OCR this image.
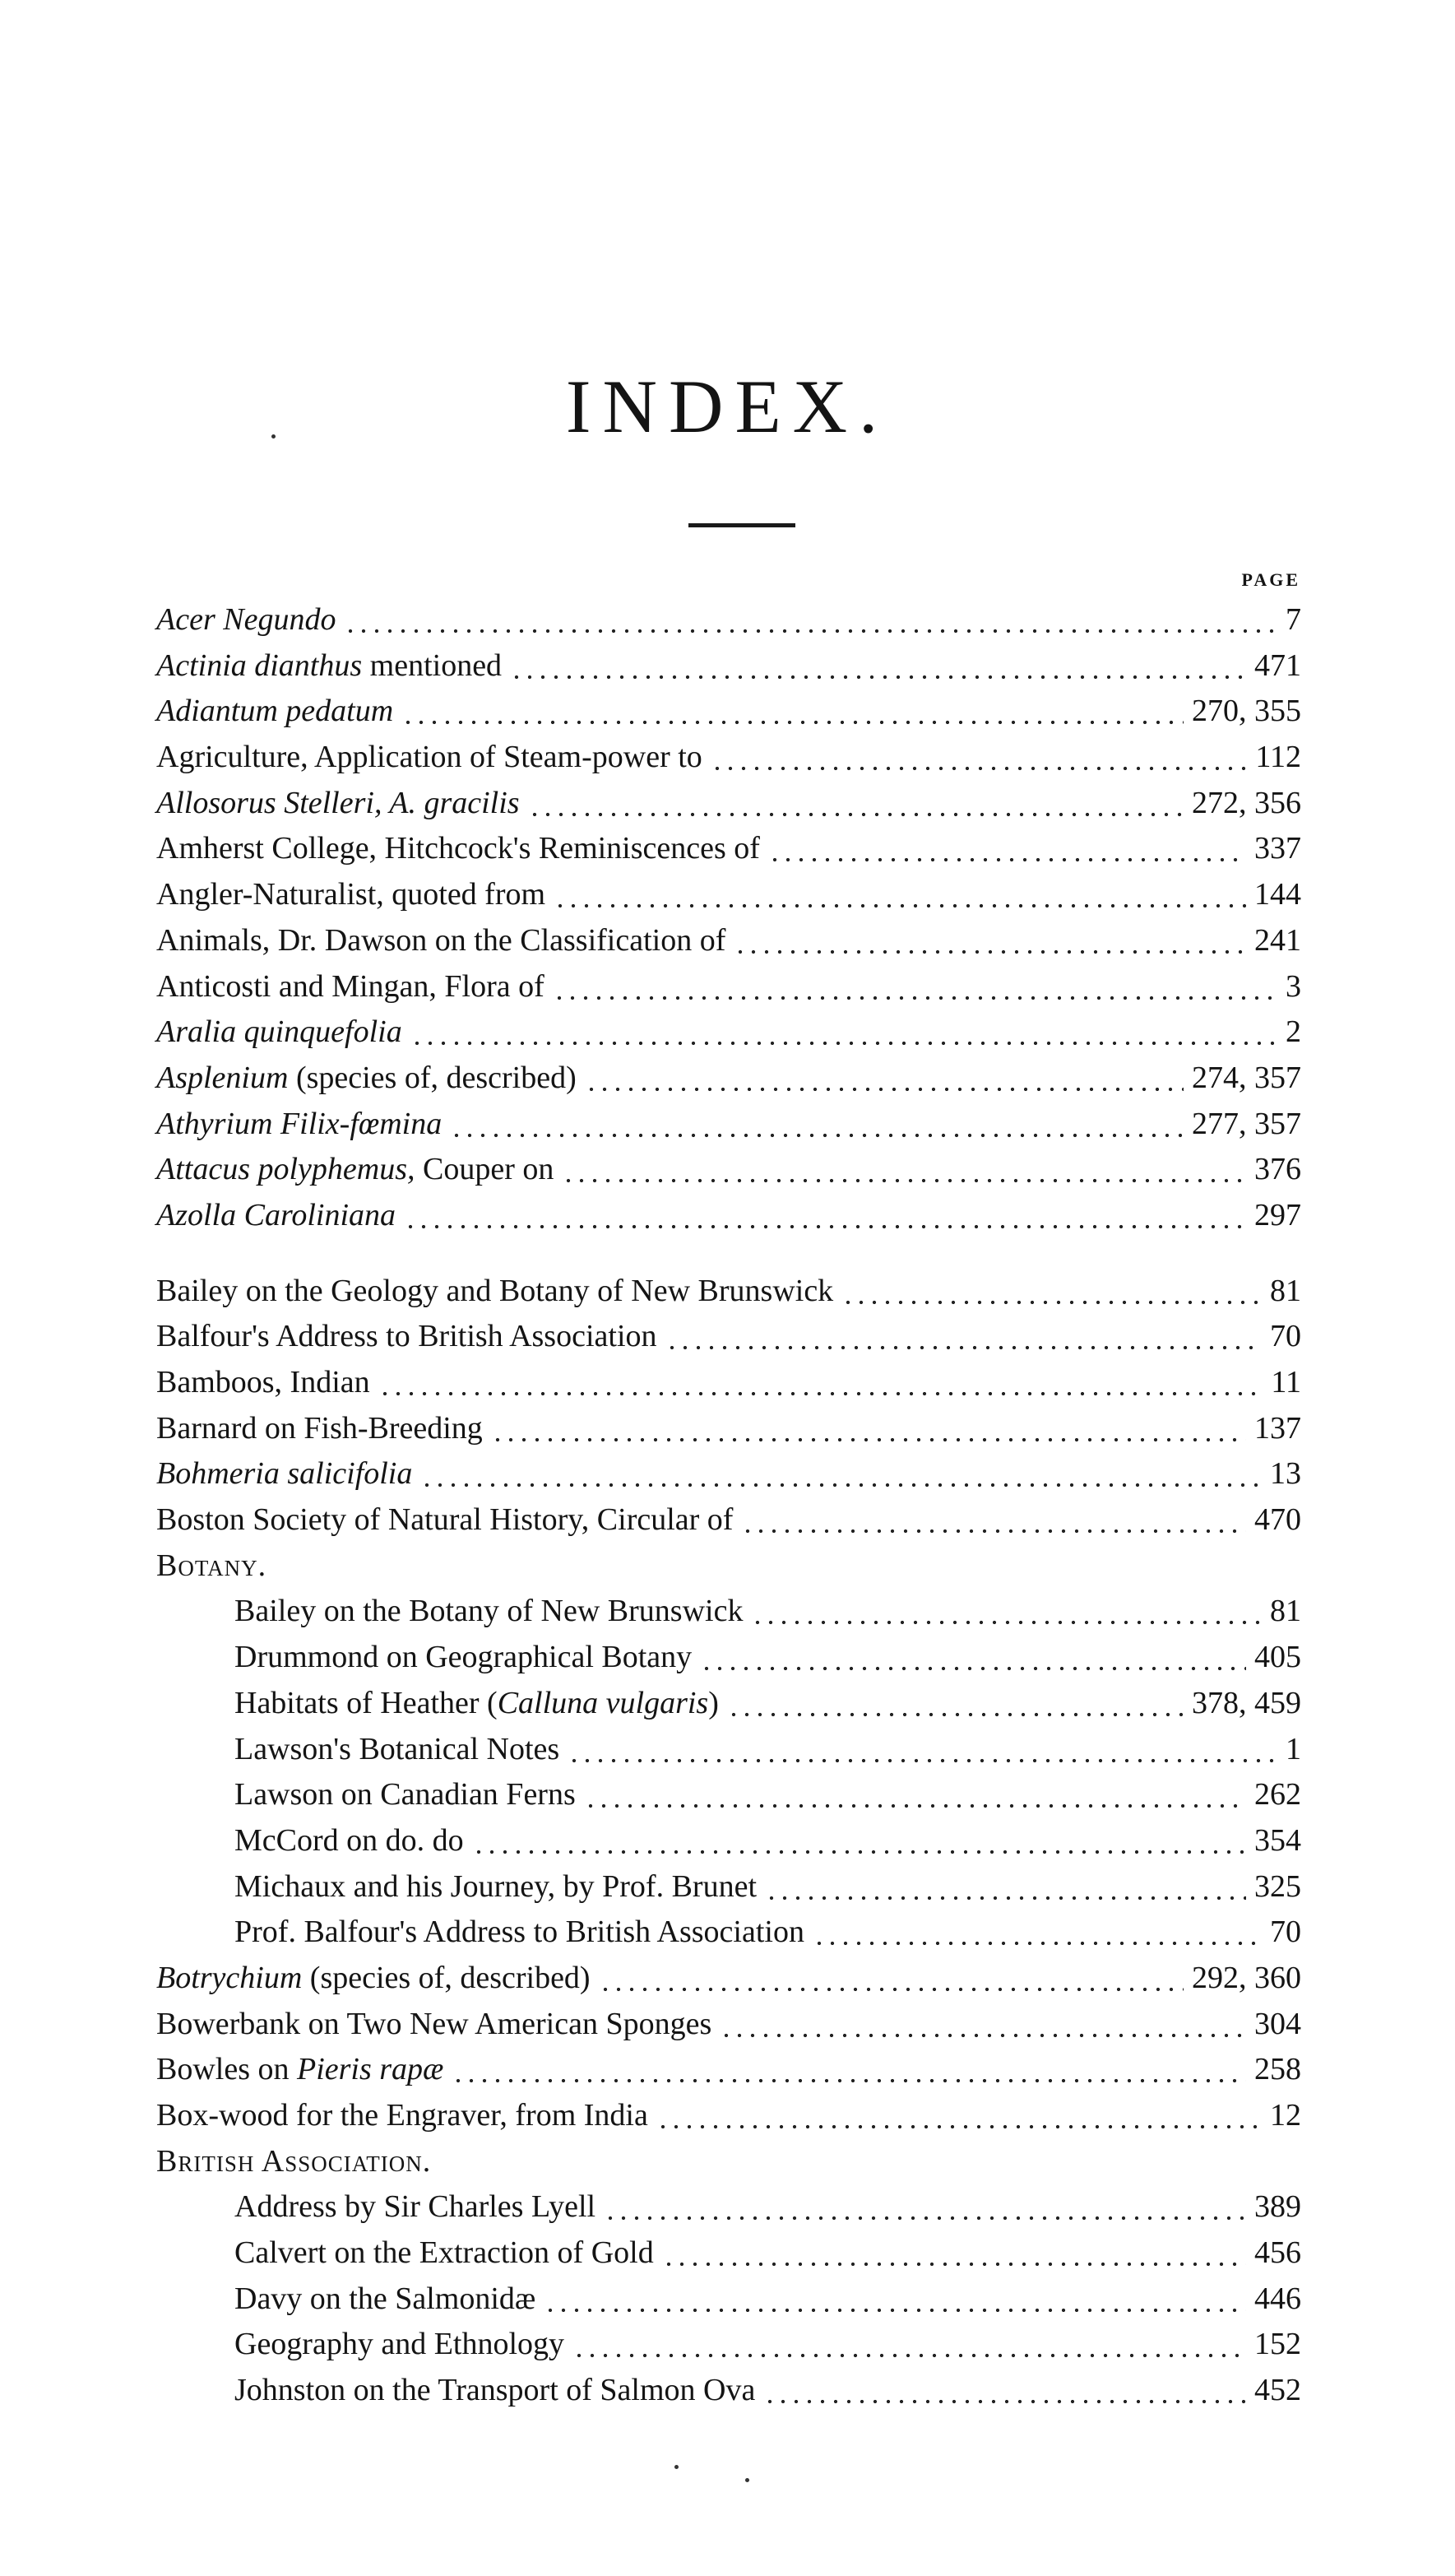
INDEX.
PAGE
Acer Negundo	7
Actinia dianthus mentioned	471
Adiantum pedatum	270, 355
Agriculture, Application of Steam-power to	112
Allosorus Stelleri, A. gracilis	272, 356
Amherst College, Hitchcock's Reminiscences of	337
Angler-Naturalist, quoted from	144
Animals, Dr. Dawson on the Classification of	241
Anticosti and Mingan, Flora of	3
Aralia quinquefolia	2
Asplenium (species of, described)	274, 357
Athyrium Filix-fœmina	277, 357
Attacus polyphemus, Couper on	376
Azolla Caroliniana	297
Bailey on the Geology and Botany of New Brunswick	81
Balfour's Address to British Association	70
Bamboos, Indian	11
Barnard on Fish-Breeding	137
Bohmeria salicifolia	13
Boston Society of Natural History, Circular of	470
Botany.
Bailey on the Botany of New Brunswick	81
Drummond on Geographical Botany	405
Habitats of Heather (Calluna vulgaris)	378, 459
Lawson's Botanical Notes	1
Lawson on Canadian Ferns	262
McCord on do. do	354
Michaux and his Journey, by Prof. Brunet	325
Prof. Balfour's Address to British Association	70
Botrychium (species of, described)	292, 360
Bowerbank on Two New American Sponges	304
Bowles on Pieris rapæ	258
Box-wood for the Engraver, from India	12
British Association.
Address by Sir Charles Lyell	389
Calvert on the Extraction of Gold	456
Davy on the Salmonidæ	446
Geography and Ethnology	152
Johnston on the Transport of Salmon Ova	452
